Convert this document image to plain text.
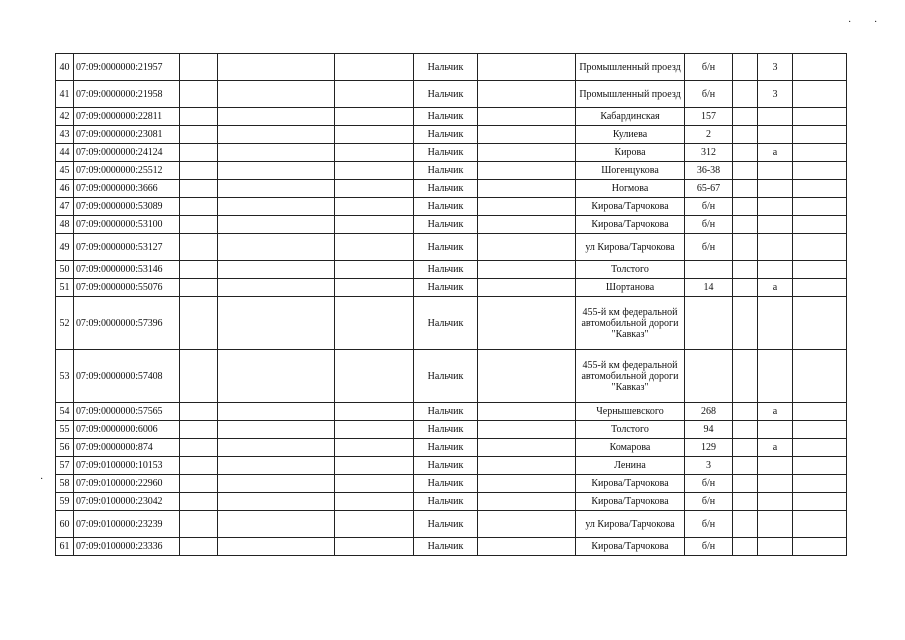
· ·
·
40	07:09:0000000:21957				Нальчик		Промышленный проезд	б/н		3	
41	07:09:0000000:21958				Нальчик		Промышленный проезд	б/н		3	
42	07:09:0000000:22811				Нальчик		Кабардинская	157			
43	07:09:0000000:23081				Нальчик		Кулиева	2			
44	07:09:0000000:24124				Нальчик		Кирова	312		а	
45	07:09:0000000:25512				Нальчик		Шогенцукова	36-38			
46	07:09:0000000:3666				Нальчик		Ногмова	65-67			
47	07:09:0000000:53089				Нальчик		Кирова/Тарчокова	б/н			
48	07:09:0000000:53100				Нальчик		Кирова/Тарчокова	б/н			
49	07:09:0000000:53127				Нальчик		ул Кирова/Тарчокова	б/н			
50	07:09:0000000:53146				Нальчик		Толстого				
51	07:09:0000000:55076				Нальчик		Шортанова	14		а	
52	07:09:0000000:57396				Нальчик		455-й км федеральной автомобильной дороги "Кавказ"				
53	07:09:0000000:57408				Нальчик		455-й км федеральной автомобильной дороги "Кавказ"				
54	07:09:0000000:57565				Нальчик		Чернышевского	268		а	
55	07:09:0000000:6006				Нальчик		Толстого	94			
56	07:09:0000000:874				Нальчик		Комарова	129		а	
57	07:09:0100000:10153				Нальчик		Ленина	3			
58	07:09:0100000:22960				Нальчик		Кирова/Тарчокова	б/н			
59	07:09:0100000:23042				Нальчик		Кирова/Тарчокова	б/н			
60	07:09:0100000:23239				Нальчик		ул Кирова/Тарчокова	б/н			
61	07:09:0100000:23336				Нальчик		Кирова/Тарчокова	б/н			
